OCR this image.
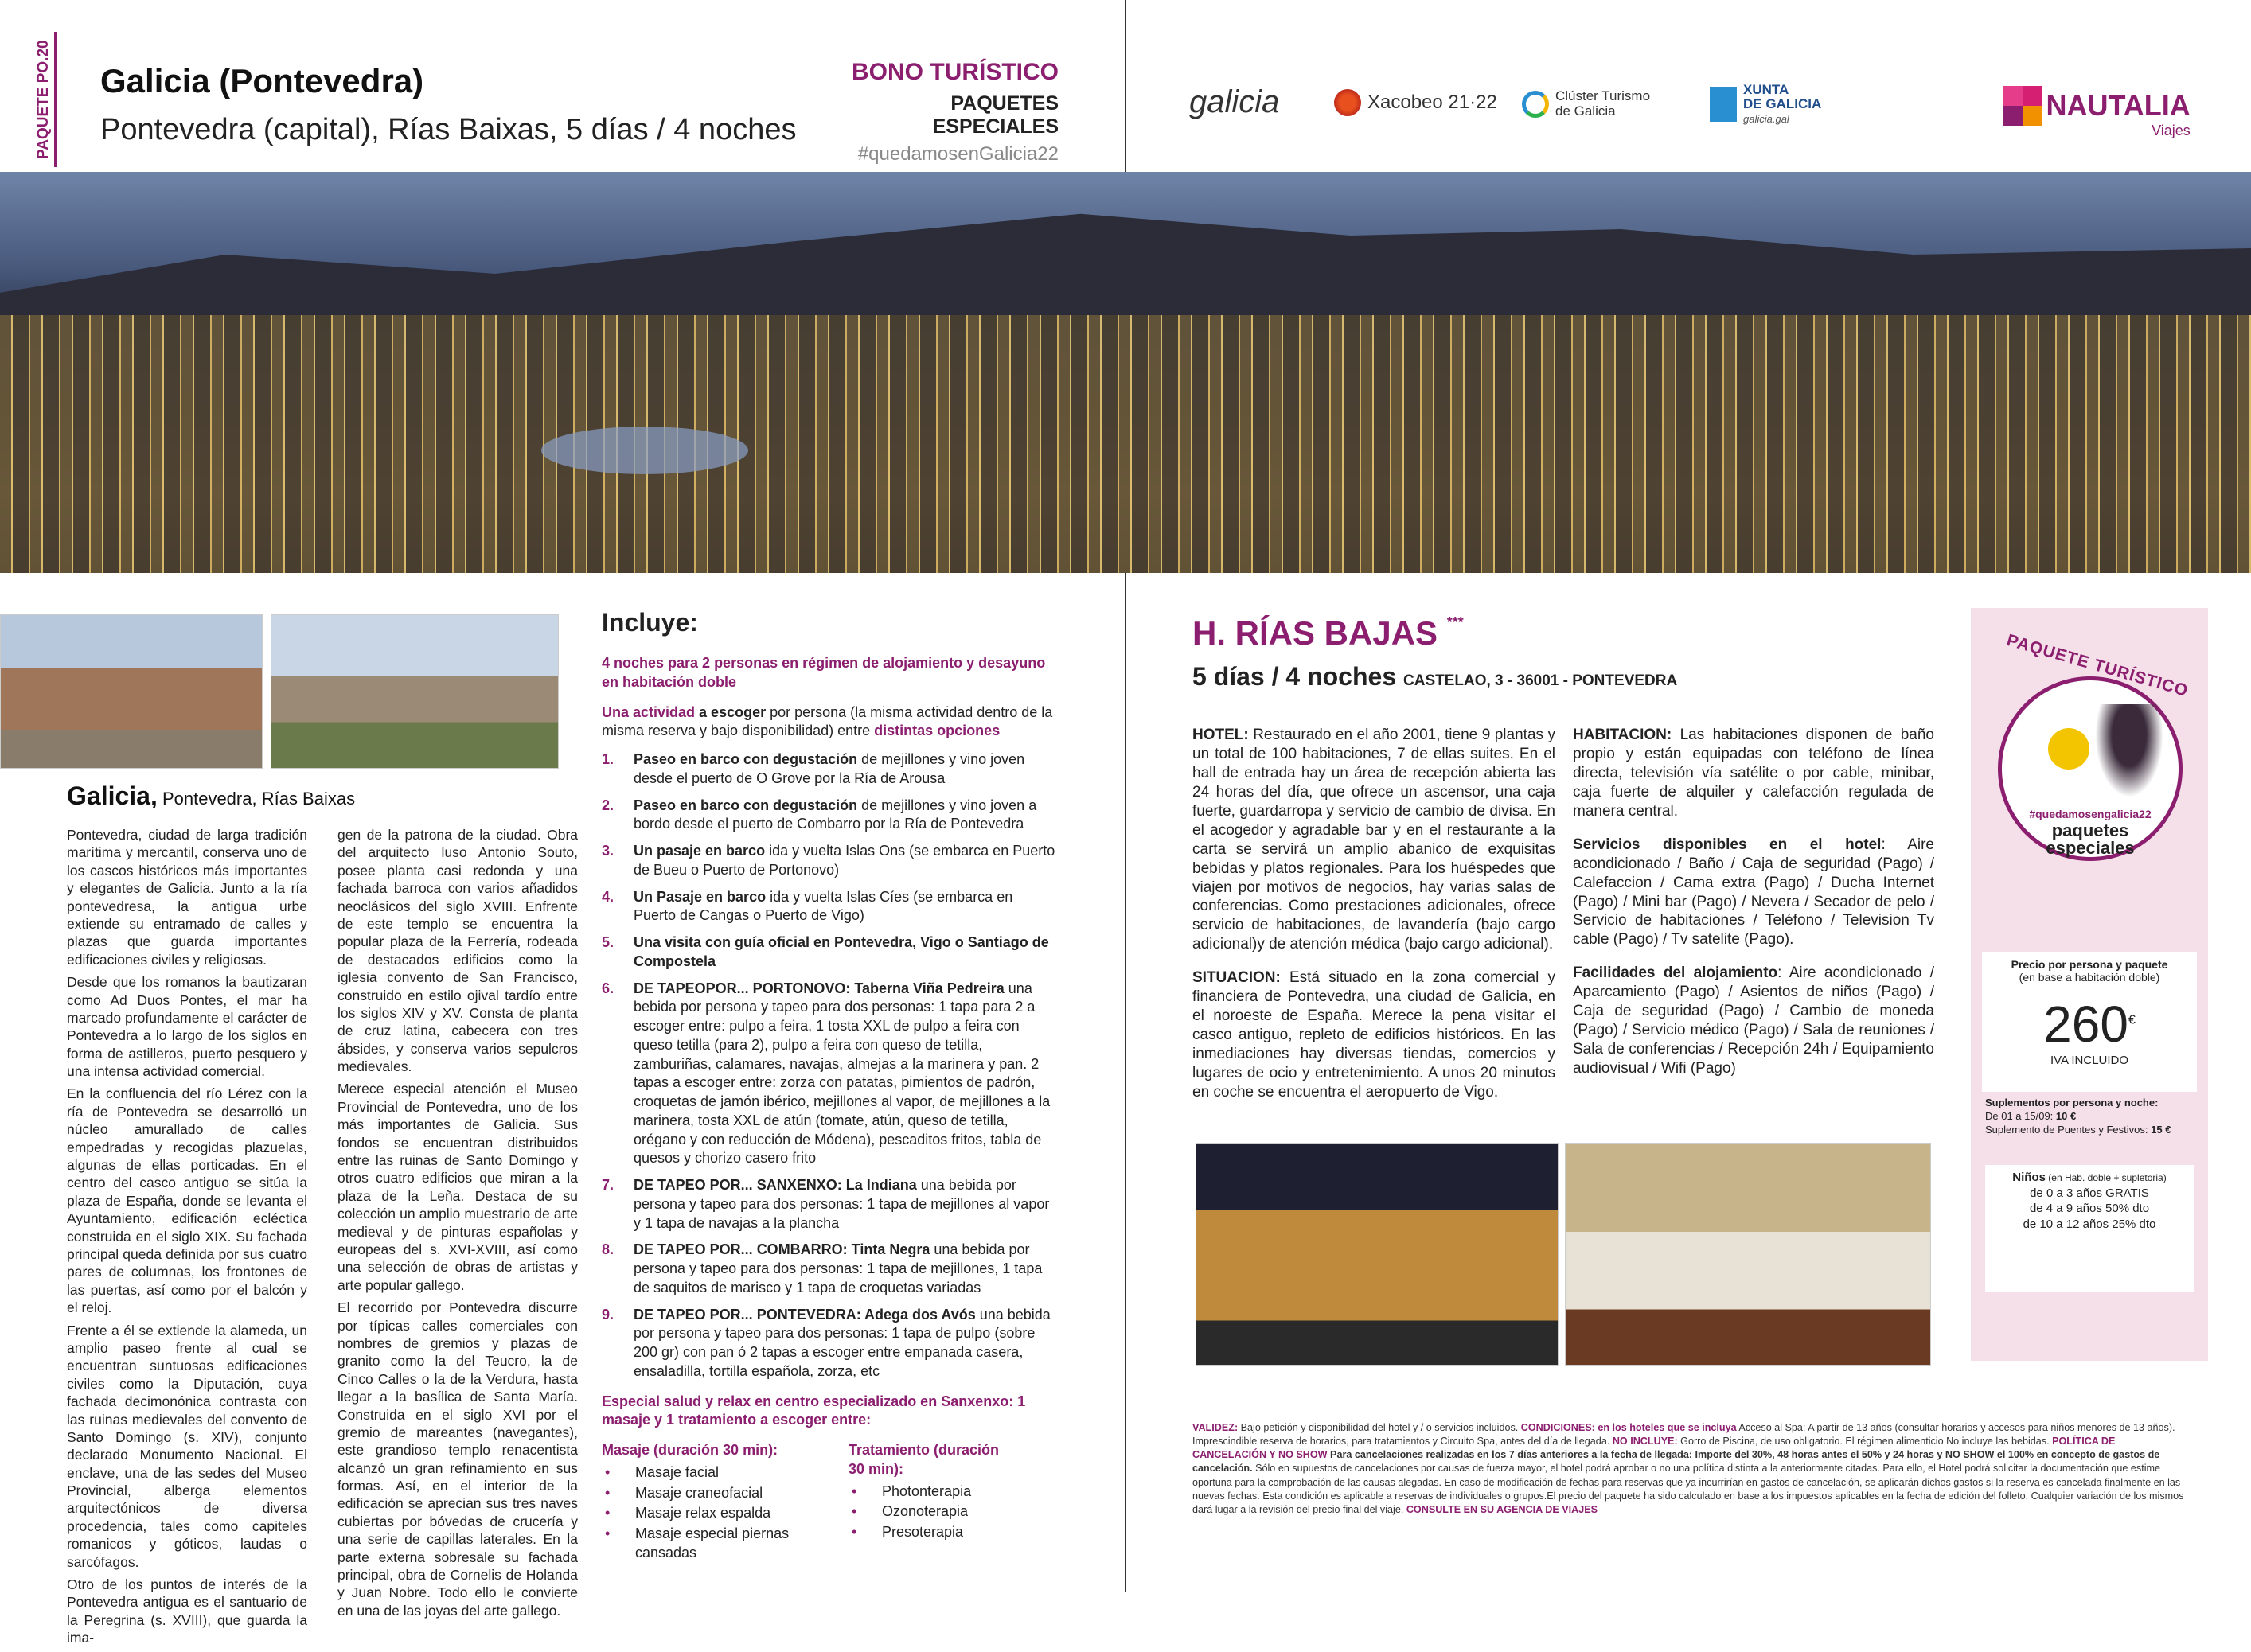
PAQUETE PO.20 Galicia (Pontevedra)
Pontevedra (capital), Rías Baixas, 5 días / 4 noches
BONO TURÍSTICO
PAQUETES ESPECIALES
#quedamosenGalicia22
galicia	Xacobeo 21·22	Clúster Turismo
de Galicia
XUNTA
DE GALICIA
galicia.gal	NAUTALIA
Viajes
Galicia, Pontevedra, Rías Baixas

Pontevedra, ciudad de larga tradición marítima y mercantil, conserva uno de los cascos históricos más importantes y elegantes de Galicia. Junto a la ría pontevedresa, la antigua urbe extiende su entramado de calles y plazas que guarda importantes edificaciones civiles y religiosas.

Desde que los romanos la bautizaran como Ad Duos Pontes, el mar ha marcado profundamente el carácter de Pontevedra a lo largo de los siglos en forma de astilleros, puerto pesquero y una intensa actividad comercial.

En la confluencia del río Lérez con la ría de Pontevedra se desarrolló un núcleo amurallado de calles empedradas y recogidas plazuelas, algunas de ellas porticadas. En el centro del casco antiguo se sitúa la plaza de España, donde se levanta el Ayuntamiento, edificación ecléctica construida en el siglo XIX. Su fachada principal queda definida por sus cuatro pares de columnas, los frontones de las puertas, así como por el balcón y el reloj.

Frente a él se extiende la alameda, un amplio paseo frente al cual se encuentran suntuosas edificaciones civiles como la Diputación, cuya fachada decimonónica contrasta con las ruinas medievales del convento de Santo Domingo (s. XIV), conjunto declarado Monumento Nacional. El enclave, una de las sedes del Museo Provincial, alberga elementos arquitectónicos de diversa procedencia, tales como capiteles romanicos y góticos, laudas o sarcófagos.

Otro de los puntos de interés de la Pontevedra antigua es el santuario de la Peregrina (s. XVIII), que guarda la ima-

gen de la patrona de la ciudad. Obra del arquitecto luso Antonio Souto, posee planta casi redonda y una fachada barroca con varios añadidos neoclásicos del siglo XVIII. Enfrente de este templo se encuentra la popular plaza de la Ferrería, rodeada de destacados edificios como la iglesia convento de San Francisco, construido en estilo ojival tardío entre los siglos XIV y XV. Consta de planta de cruz latina, cabecera con tres ábsides, y conserva varios sepulcros medievales.

Merece especial atención el Museo Provincial de Pontevedra, uno de los más importantes de Galicia. Sus fondos se encuentran distribuidos entre las ruinas de Santo Domingo y otros cuatro edificios que miran a la plaza de la Leña. Destaca de su colección un amplio muestrario de arte medieval y de pinturas españolas y europeas del s. XVI-XVIII, así como una selección de obras de artistas y arte popular gallego.

El recorrido por Pontevedra discurre por típicas calles comerciales con nombres de gremios y plazas de granito como la del Teucro, la de Cinco Calles o la de la Verdura, hasta llegar a la basílica de Santa María. Construida en el siglo XVI por el gremio de mareantes (navegantes), este grandioso templo renacentista alcanzó un gran refinamiento en sus formas. Así, en el interior de la edificación se aprecian sus tres naves cubiertas por bóvedas de crucería y una serie de capillas laterales. En la parte externa sobresale su fachada principal, obra de Cornelis de Holanda y Juan Nobre. Todo ello le convierte en una de las joyas del arte gallego.

Incluye:
4 noches para 2 personas en régimen de alojamiento y desayuno en habitación doble
Una actividad a escoger por persona (la misma actividad dentro de la misma reserva y bajo disponibilidad) entre distintas opciones
1. Paseo en barco con degustación de mejillones y vino joven desde el puerto de O Grove por la Ría de Arousa
2. Paseo en barco con degustación de mejillones y vino joven a bordo desde el puerto de Combarro por la Ría de Pontevedra
3. Un pasaje en barco ida y vuelta Islas Ons (se embarca en Puerto de Bueu o Puerto de Portonovo)
4. Un Pasaje en barco ida y vuelta Islas Cíes (se embarca en Puerto de Cangas o Puerto de Vigo)
5. Una visita con guía oficial en Pontevedra, Vigo o Santiago de Compostela
6. DE TAPEOPOR... PORTONOVO: Taberna Viña Pedreira una bebida por persona y tapeo para dos personas: 1 tapa para 2 a escoger entre: pulpo a feira, 1 tosta XXL de pulpo a feira con queso tetilla (para 2), pulpo a feira con queso de tetilla, zamburiñas, calamares, navajas, almejas a la marinera y pan. 2 tapas a escoger entre: zorza con patatas, pimientos de padrón, croquetas de jamón ibérico, mejillones al vapor, de mejillones a la marinera, tosta XXL de atún (tomate, atún, queso de tetilla, orégano y con reducción de Módena), pescaditos fritos, tabla de quesos y chorizo casero frito
7. DE TAPEO POR... SANXENXO: La Indiana una bebida por persona y tapeo para dos personas: 1 tapa de mejillones al vapor y 1 tapa de navajas a la plancha
8. DE TAPEO POR... COMBARRO: Tinta Negra una bebida por persona y tapeo para dos personas: 1 tapa de mejillones, 1 tapa de saquitos de marisco y 1 tapa de croquetas variadas
9. DE TAPEO POR... PONTEVEDRA: Adega dos Avós una bebida por persona y tapeo para dos personas: 1 tapa de pulpo (sobre 200 gr) con pan ó 2 tapas a escoger entre empanada casera, ensaladilla, tortilla española, zorza, etc
Especial salud y relax en centro especializado en Sanxenxo: 1 masaje y 1 tratamiento a escoger entre:
Masaje (duración 30 min):
• Masaje facial
• Masaje craneofacial
• Masaje relax espalda
• Masaje especial piernas cansadas
Tratamiento (duración 30 min):
• Photonterapia
• Ozonoterapia
• Presoterapia
H. RÍAS BAJAS ***
5 días / 4 noches CASTELAO, 3 - 36001 - PONTEVEDRA

HOTEL: Restaurado en el año 2001, tiene 9 plantas y un total de 100 habitaciones, 7 de ellas suites. En el hall de entrada hay un área de recepción abierta las 24 horas del día, que ofrece un ascensor, una caja fuerte, guardarropa y servicio de cambio de divisa. En el acogedor y agradable bar y en el restaurante a la carta se servirá un amplio abanico de exquisitas bebidas y platos regionales. Para los huéspedes que viajen por motivos de negocios, hay varias salas de conferencias. Como prestaciones adicionales, ofrece servicio de habitaciones, de lavandería (bajo cargo adicional)y de atención médica (bajo cargo adicional).

SITUACION: Está situado en la zona comercial y financiera de Pontevedra, una ciudad de Galicia, en el noroeste de España. Merece la pena visitar el casco antiguo, repleto de edificios históricos. En las inmediaciones hay diversas tiendas, comercios y lugares de ocio y entretenimiento. A unos 20 minutos en coche se encuentra el aeropuerto de Vigo.

HABITACION: Las habitaciones disponen de baño propio y están equipadas con teléfono de línea directa, televisión vía satélite o por cable, minibar, caja fuerte de alquiler y calefacción regulada de manera central.

Servicios disponibles en el hotel: Aire acondicionado / Baño / Caja de seguridad (Pago) / Calefaccion / Cama extra (Pago) / Ducha Internet (Pago) / Mini bar (Pago) / Nevera / Secador de pelo / Servicio de habitaciones / Teléfono / Television Tv cable (Pago) / Tv satelite (Pago).

Facilidades del alojamiento: Aire acondicionado / Aparcamiento (Pago) / Asientos de niños (Pago) / Caja de seguridad (Pago) / Cambio de moneda (Pago) / Servicio médico (Pago) / Sala de reuniones / Sala de conferencias / Recepción 24h / Equipamiento audiovisual / Wifi (Pago)

PAQUETE TURÍSTICO
#quedamosengalicia22
paquetes
especiales
Precio por persona y paquete
(en base a habitación doble)
260€
IVA INCLUIDO
Suplementos por persona y noche:
De 01 a 15/09: 10 €
Suplemento de Puentes y Festivos: 15 €
Niños (en Hab. doble + supletoria)
de 0 a 3 años GRATIS
de 4 a 9 años 50% dto
de 10 a 12 años 25% dto
VALIDEZ: Bajo petición y disponibilidad del hotel y / o servicios incluidos. CONDICIONES: en los hoteles que se incluya Acceso al Spa: A partir de 13 años (consultar horarios y accesos para niños menores de 13 años). Imprescindible reserva de horarios, para tratamientos y Circuito Spa, antes del día de llegada. NO INCLUYE: Gorro de Piscina, de uso obligatorio. El régimen alimenticio No incluye las bebidas. POLÍTICA DE CANCELACIÓN Y NO SHOW Para cancelaciones realizadas en los 7 días anteriores a la fecha de llegada: Importe del 30%, 48 horas antes el 50% y 24 horas y NO SHOW el 100% en concepto de gastos de cancelación. Sólo en supuestos de cancelaciones por causas de fuerza mayor, el hotel podrá aprobar o no una política distinta a la anteriormente citadas. Para ello, el Hotel podrá solicitar la documentación que estime oportuna para la comprobación de las causas alegadas. En caso de modificación de fechas para reservas que ya incurrirían en gastos de cancelación, se aplicarán dichos gastos si la reserva es cancelada finalmente en las nuevas fechas. Esta condición es aplicable a reservas de individuales o grupos.El precio del paquete ha sido calculado en base a los impuestos aplicables en la fecha de edición del folleto. Cualquier variación de los mismos dará lugar a la revisión del precio final del viaje. CONSULTE EN SU AGENCIA DE VIAJES
